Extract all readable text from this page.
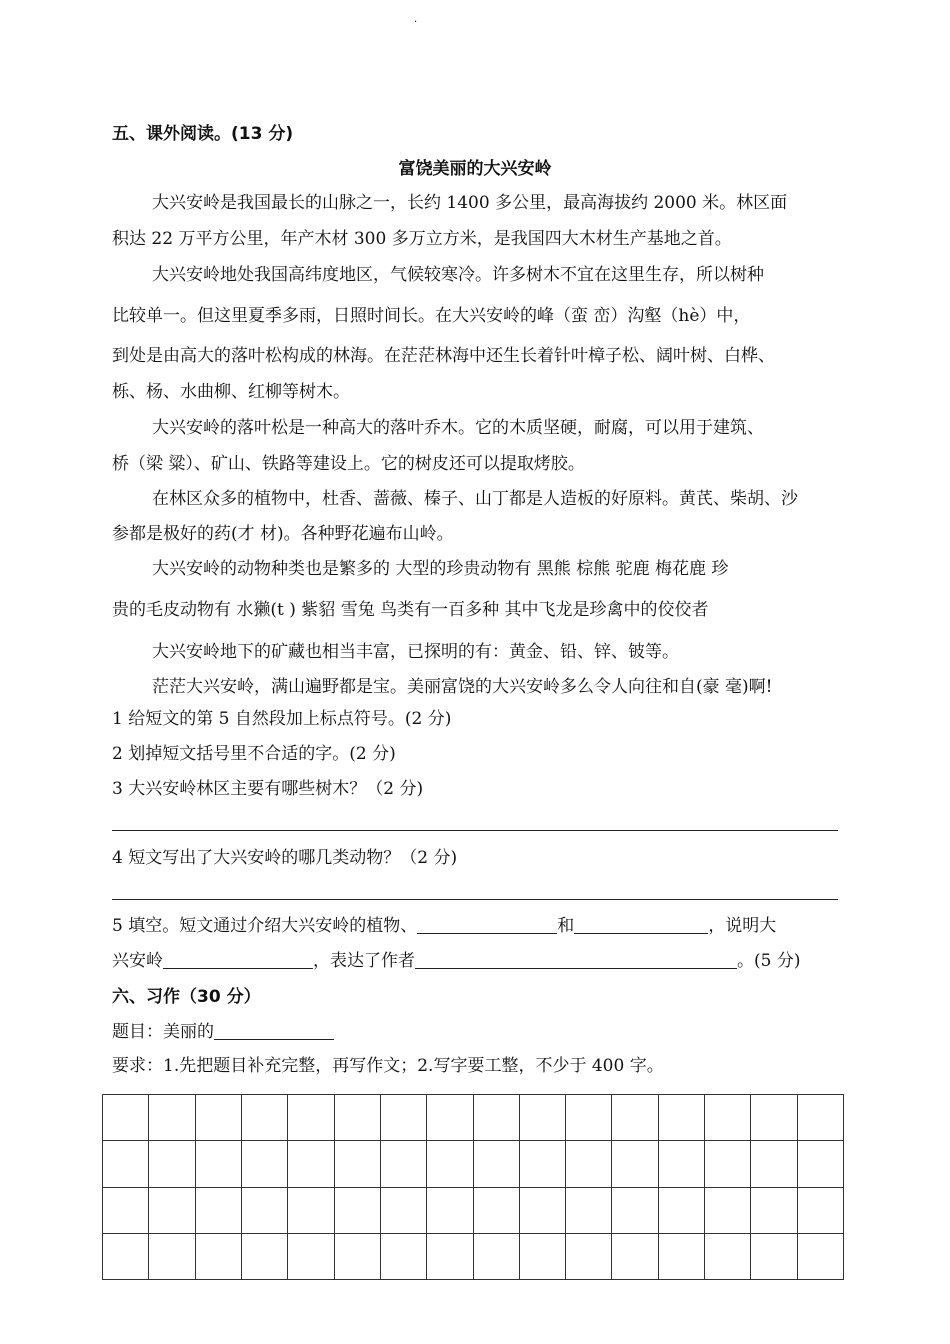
.
五、课外阅读。(13 分)
富饶美丽的大兴安岭
大兴安岭是我国最长的山脉之一，长约 1400 多公里，最高海拔约 2000 米。林区面
积达 22 万平方公里，年产木材 300 多万立方米，是我国四大木材生产基地之首。
大兴安岭地处我国高纬度地区，气候较寒冷。许多树木不宜在这里生存，所以树种
比较单一。但这里夏季多雨，日照时间长。在大兴安岭的峰（蛮 峦）沟壑（hè）中，
到处是由高大的落叶松构成的林海。在茫茫林海中还生长着针叶樟子松、阔叶树、白桦、
栎、杨、水曲柳、红柳等树木。
大兴安岭的落叶松是一种高大的落叶乔木。它的木质坚硬，耐腐，可以用于建筑、
桥（梁 粱）、矿山、铁路等建设上。它的树皮还可以提取烤胶。
在林区众多的植物中，杜香、蔷薇、榛子、山丁都是人造板的好原料。黄芪、柴胡、沙
参都是极好的药(才 材)。各种野花遍布山岭。
大兴安岭的动物种类也是繁多的 大型的珍贵动物有 黑熊 棕熊 驼鹿 梅花鹿 珍
贵的毛皮动物有 水獭(t ) 紫貂 雪兔 鸟类有一百多种 其中飞龙是珍禽中的佼佼者
大兴安岭地下的矿藏也相当丰富，已探明的有：黄金、铅、锌、铍等。
茫茫大兴安岭，满山遍野都是宝。美丽富饶的大兴安岭多么令人向往和自(豪 毫)啊!
1 给短文的第 5 自然段加上标点符号。(2 分)
2 划掉短文括号里不合适的字。(2 分)
3 大兴安岭林区主要有哪些树木？（2 分)
4 短文写出了大兴安岭的哪几类动物？（2 分)
5 填空。短文通过介绍大兴安岭的植物、	和	，说明大
兴安岭	，表达了作者	。(5 分)
六、习作（30 分）
题目：美丽的
要求：1.先把题目补充完整，再写作文；2.写字要工整，不少于 400 字。
